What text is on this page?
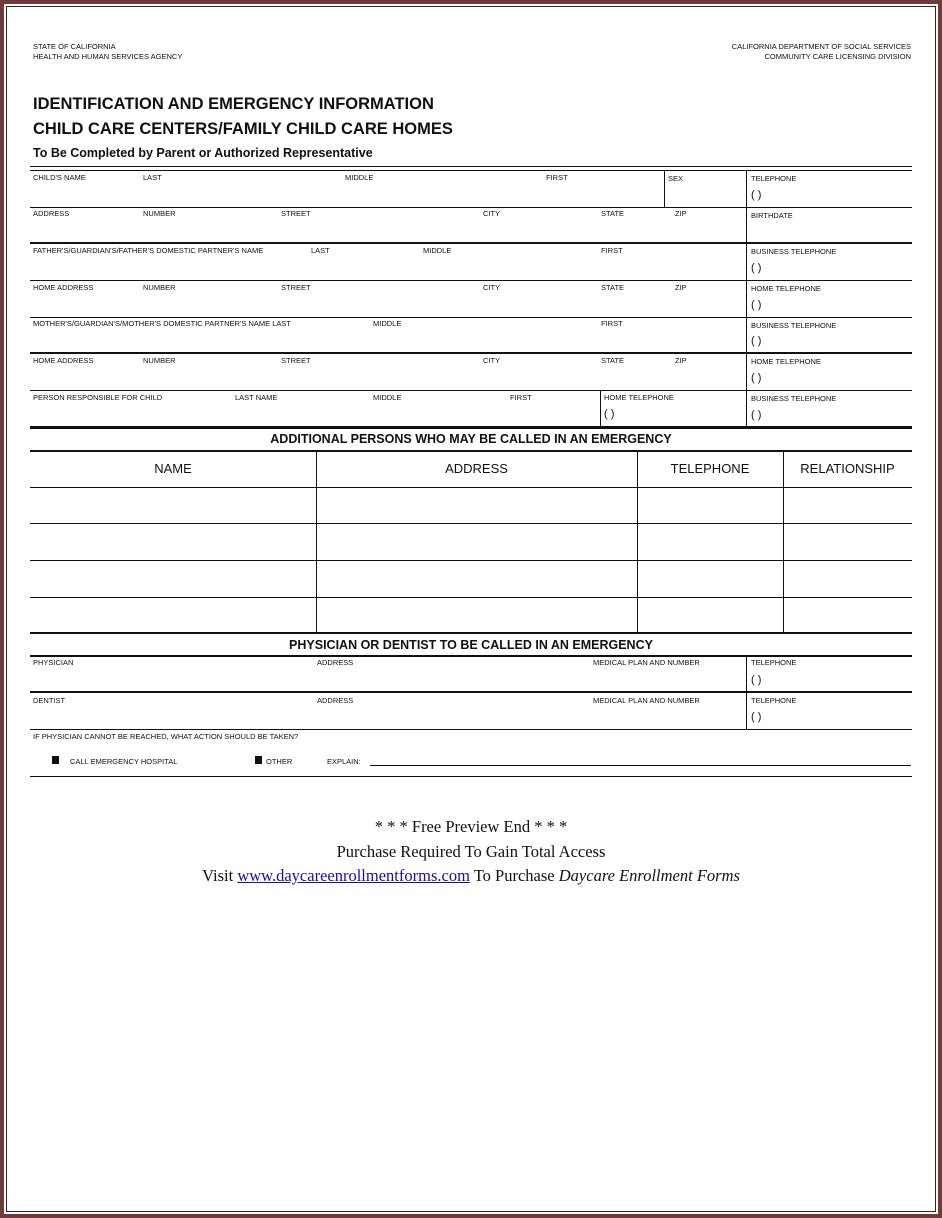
STATE OF CALIFORNIA
HEALTH AND HUMAN SERVICES AGENCY
CALIFORNIA DEPARTMENT OF SOCIAL SERVICES
COMMUNITY CARE LICENSING DIVISION
IDENTIFICATION AND EMERGENCY INFORMATION
CHILD CARE CENTERS/FAMILY CHILD CARE HOMES
To Be Completed by Parent or Authorized Representative
CHILD'S NAME	LAST	MIDDLE	FIRST	SEX	TELEPHONE
( )
ADDRESS	NUMBER	STREET	CITY	STATE	ZIP	BIRTHDATE
FATHER'S/GUARDIAN'S/FATHER'S DOMESTIC PARTNER'S NAME	LAST	MIDDLE	FIRST	BUSINESS TELEPHONE
( )
HOME ADDRESS	NUMBER	STREET	CITY	STATE	ZIP	HOME TELEPHONE
( )
MOTHER'S/GUARDIAN'S/MOTHER'S DOMESTIC PARTNER'S NAME LAST	MIDDLE	FIRST	BUSINESS TELEPHONE
( )
HOME ADDRESS	NUMBER	STREET	CITY	STATE	ZIP	HOME TELEPHONE
( )
PERSON RESPONSIBLE FOR CHILD	LAST NAME	MIDDLE	FIRST	HOME TELEPHONE
( )
BUSINESS TELEPHONE
( )
ADDITIONAL PERSONS WHO MAY BE CALLED IN AN EMERGENCY
NAME	ADDRESS	TELEPHONE	RELATIONSHIP
PHYSICIAN OR DENTIST TO BE CALLED IN AN EMERGENCY
PHYSICIAN	ADDRESS	MEDICAL PLAN AND NUMBER	TELEPHONE
( )
DENTIST	ADDRESS	MEDICAL PLAN AND NUMBER	TELEPHONE
( )
IF PHYSICIAN CANNOT BE REACHED, WHAT ACTION SHOULD BE TAKEN?
CALL EMERGENCY HOSPITAL	OTHER	EXPLAIN:
* * * Free Preview End * * *
Purchase Required To Gain Total Access
Visit www.daycareenrollmentforms.com To Purchase Daycare Enrollment Forms
